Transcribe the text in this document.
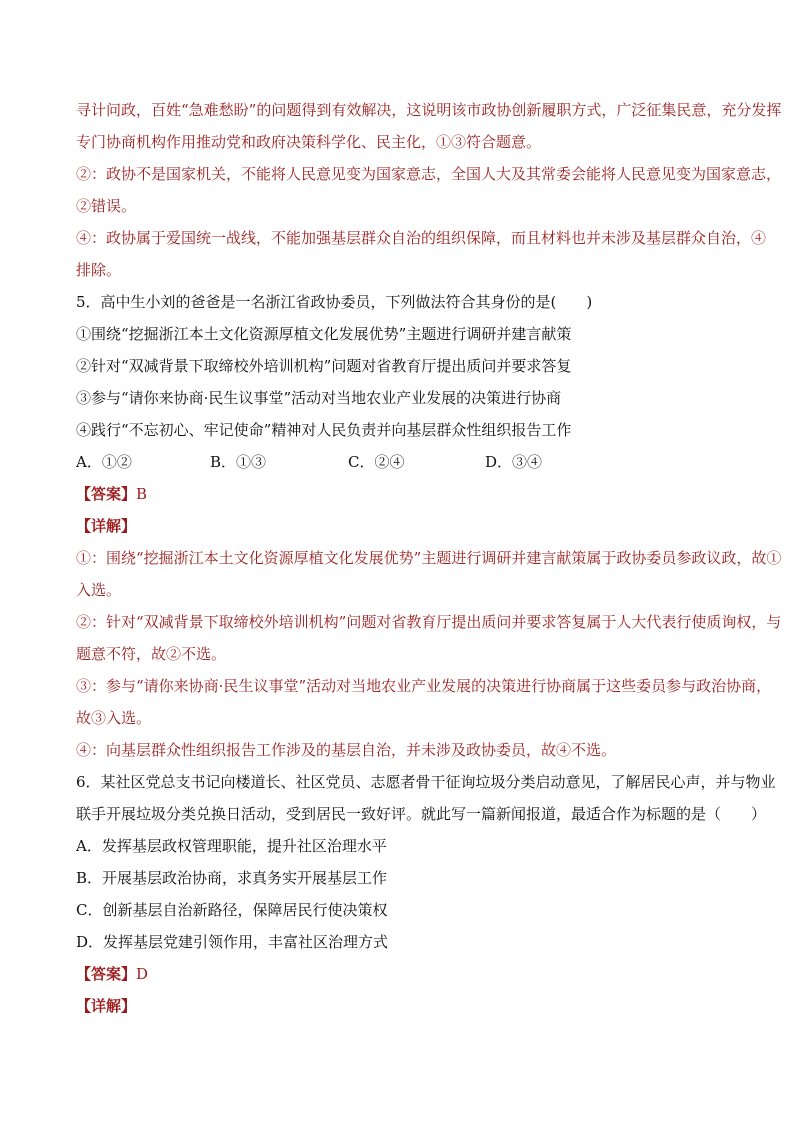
寻计问政，百姓“急难愁盼”的问题得到有效解决，这说明该市政协创新履职方式，广泛征集民意，充分发挥
专门协商机构作用推动党和政府决策科学化、民主化，①③符合题意。
②：政协不是国家机关，不能将人民意见变为国家意志，全国人大及其常委会能将人民意见变为国家意志，
②错误。
④：政协属于爱国统一战线，不能加强基层群众自治的组织保障，而且材料也并未涉及基层群众自治，④
排除。
5．高中生小刘的爸爸是一名浙江省政协委员，下列做法符合其身份的是(　　)
①围绕“挖掘浙江本土文化资源厚植文化发展优势”主题进行调研并建言献策
②针对“双减背景下取缔校外培训机构”问题对省教育厅提出质问并要求答复
③参与“请你来协商·民生议事堂”活动对当地农业产业发展的决策进行协商
④践行“不忘初心、牢记使命”精神对人民负责并向基层群众性组织报告工作
A．①②	B．①③	C．②④	D．③④
【答案】B
【详解】
①：围绕“挖掘浙江本土文化资源厚植文化发展优势”主题进行调研并建言献策属于政协委员参政议政，故①
入选。
②：针对“双减背景下取缔校外培训机构”问题对省教育厅提出质问并要求答复属于人大代表行使质询权，与
题意不符，故②不选。
③：参与“请你来协商·民生议事堂”活动对当地农业产业发展的决策进行协商属于这些委员参与政治协商，
故③入选。
④：向基层群众性组织报告工作涉及的基层自治，并未涉及政协委员，故④不选。
6．某社区党总支书记向楼道长、社区党员、志愿者骨干征询垃圾分类启动意见，了解居民心声，并与物业
联手开展垃圾分类兑换日活动，受到居民一致好评。就此写一篇新闻报道，最适合作为标题的是（　　）
A．发挥基层政权管理职能，提升社区治理水平
B．开展基层政治协商，求真务实开展基层工作
C．创新基层自治新路径，保障居民行使决策权
D．发挥基层党建引领作用，丰富社区治理方式
【答案】D
【详解】
